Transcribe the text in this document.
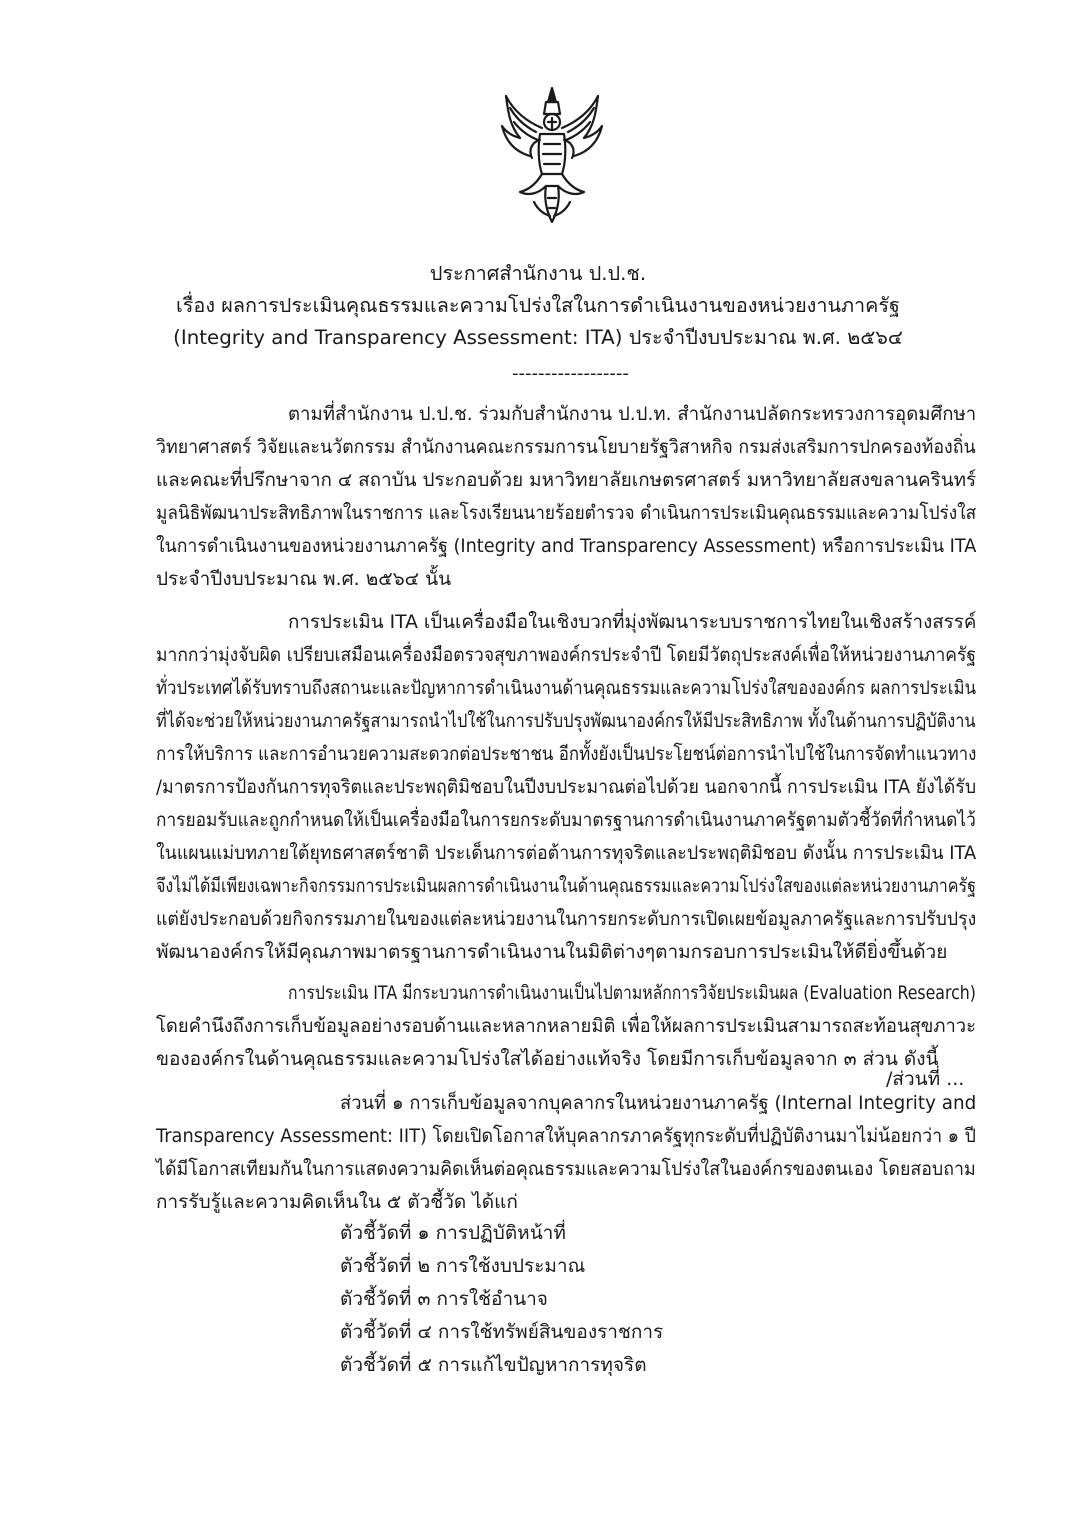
ประกาศสำนักงาน ป.ป.ช.
เรื่อง ผลการประเมินคุณธรรมและความโปร่งใสในการดำเนินงานของหน่วยงานภาครัฐ
(Integrity and Transparency Assessment: ITA) ประจำปีงบประมาณ พ.ศ. ๒๕๖๔
------------------
ตามที่สำนักงาน ป.ป.ช. ร่วมกับสำนักงาน ป.ป.ท. สำนักงานปลัดกระทรวงการอุดมศึกษา
วิทยาศาสตร์ วิจัยและนวัตกรรม สำนักงานคณะกรรมการนโยบายรัฐวิสาหกิจ กรมส่งเสริมการปกครองท้องถิ่น
และคณะที่ปรึกษาจาก ๔ สถาบัน ประกอบด้วย มหาวิทยาลัยเกษตรศาสตร์ มหาวิทยาลัยสงขลานครินทร์
มูลนิธิพัฒนาประสิทธิภาพในราชการ และโรงเรียนนายร้อยตำรวจ ดำเนินการประเมินคุณธรรมและความโปร่งใส
ในการดำเนินงานของหน่วยงานภาครัฐ (Integrity and Transparency Assessment) หรือการประเมิน ITA
ประจำปีงบประมาณ พ.ศ. ๒๕๖๔ นั้น
การประเมิน ITA เป็นเครื่องมือในเชิงบวกที่มุ่งพัฒนาระบบราชการไทยในเชิงสร้างสรรค์
มากกว่ามุ่งจับผิด เปรียบเสมือนเครื่องมือตรวจสุขภาพองค์กรประจำปี โดยมีวัตถุประสงค์เพื่อให้หน่วยงานภาครัฐ
ทั่วประเทศได้รับทราบถึงสถานะและปัญหาการดำเนินงานด้านคุณธรรมและความโปร่งใสขององค์กร ผลการประเมิน
ที่ได้จะช่วยให้หน่วยงานภาครัฐสามารถนำไปใช้ในการปรับปรุงพัฒนาองค์กรให้มีประสิทธิภาพ ทั้งในด้านการปฏิบัติงาน
การให้บริการ และการอำนวยความสะดวกต่อประชาชน อีกทั้งยังเป็นประโยชน์ต่อการนำไปใช้ในการจัดทำแนวทาง
/มาตรการป้องกันการทุจริตและประพฤติมิชอบในปีงบประมาณต่อไปด้วย นอกจากนี้ การประเมิน ITA ยังได้รับ
การยอมรับและถูกกำหนดให้เป็นเครื่องมือในการยกระดับมาตรฐานการดำเนินงานภาครัฐตามตัวชี้วัดที่กำหนดไว้
ในแผนแม่บทภายใต้ยุทธศาสตร์ชาติ ประเด็นการต่อต้านการทุจริตและประพฤติมิชอบ ดังนั้น การประเมิน ITA
จึงไม่ได้มีเพียงเฉพาะกิจกรรมการประเมินผลการดำเนินงานในด้านคุณธรรมและความโปร่งใสของแต่ละหน่วยงานภาครัฐ
แต่ยังประกอบด้วยกิจกรรมภายในของแต่ละหน่วยงานในการยกระดับการเปิดเผยข้อมูลภาครัฐและการปรับปรุง
พัฒนาองค์กรให้มีคุณภาพมาตรฐานการดำเนินงานในมิติต่างๆตามกรอบการประเมินให้ดียิ่งขึ้นด้วย
การประเมิน ITA มีกระบวนการดำเนินงานเป็นไปตามหลักการวิจัยประเมินผล (Evaluation Research)
โดยคำนึงถึงการเก็บข้อมูลอย่างรอบด้านและหลากหลายมิติ เพื่อให้ผลการประเมินสามารถสะท้อนสุขภาวะ
ขององค์กรในด้านคุณธรรมและความโปร่งใสได้อย่างแท้จริง โดยมีการเก็บข้อมูลจาก ๓ ส่วน ดังนี้
ส่วนที่ ๑ การเก็บข้อมูลจากบุคลากรในหน่วยงานภาครัฐ (Internal Integrity and
Transparency Assessment: IIT) โดยเปิดโอกาสให้บุคลากรภาครัฐทุกระดับที่ปฏิบัติงานมาไม่น้อยกว่า ๑ ปี
ได้มีโอกาสเทียมกันในการแสดงความคิดเห็นต่อคุณธรรมและความโปร่งใสในองค์กรของตนเอง โดยสอบถาม
การรับรู้และความคิดเห็นใน ๕ ตัวชี้วัด ได้แก่
ตัวชี้วัดที่ ๑ การปฏิบัติหน้าที่
ตัวชี้วัดที่ ๒ การใช้งบประมาณ
ตัวชี้วัดที่ ๓ การใช้อำนาจ
ตัวชี้วัดที่ ๔ การใช้ทรัพย์สินของราชการ
ตัวชี้วัดที่ ๕ การแก้ไขปัญหาการทุจริต
/ส่วนที่ ...
